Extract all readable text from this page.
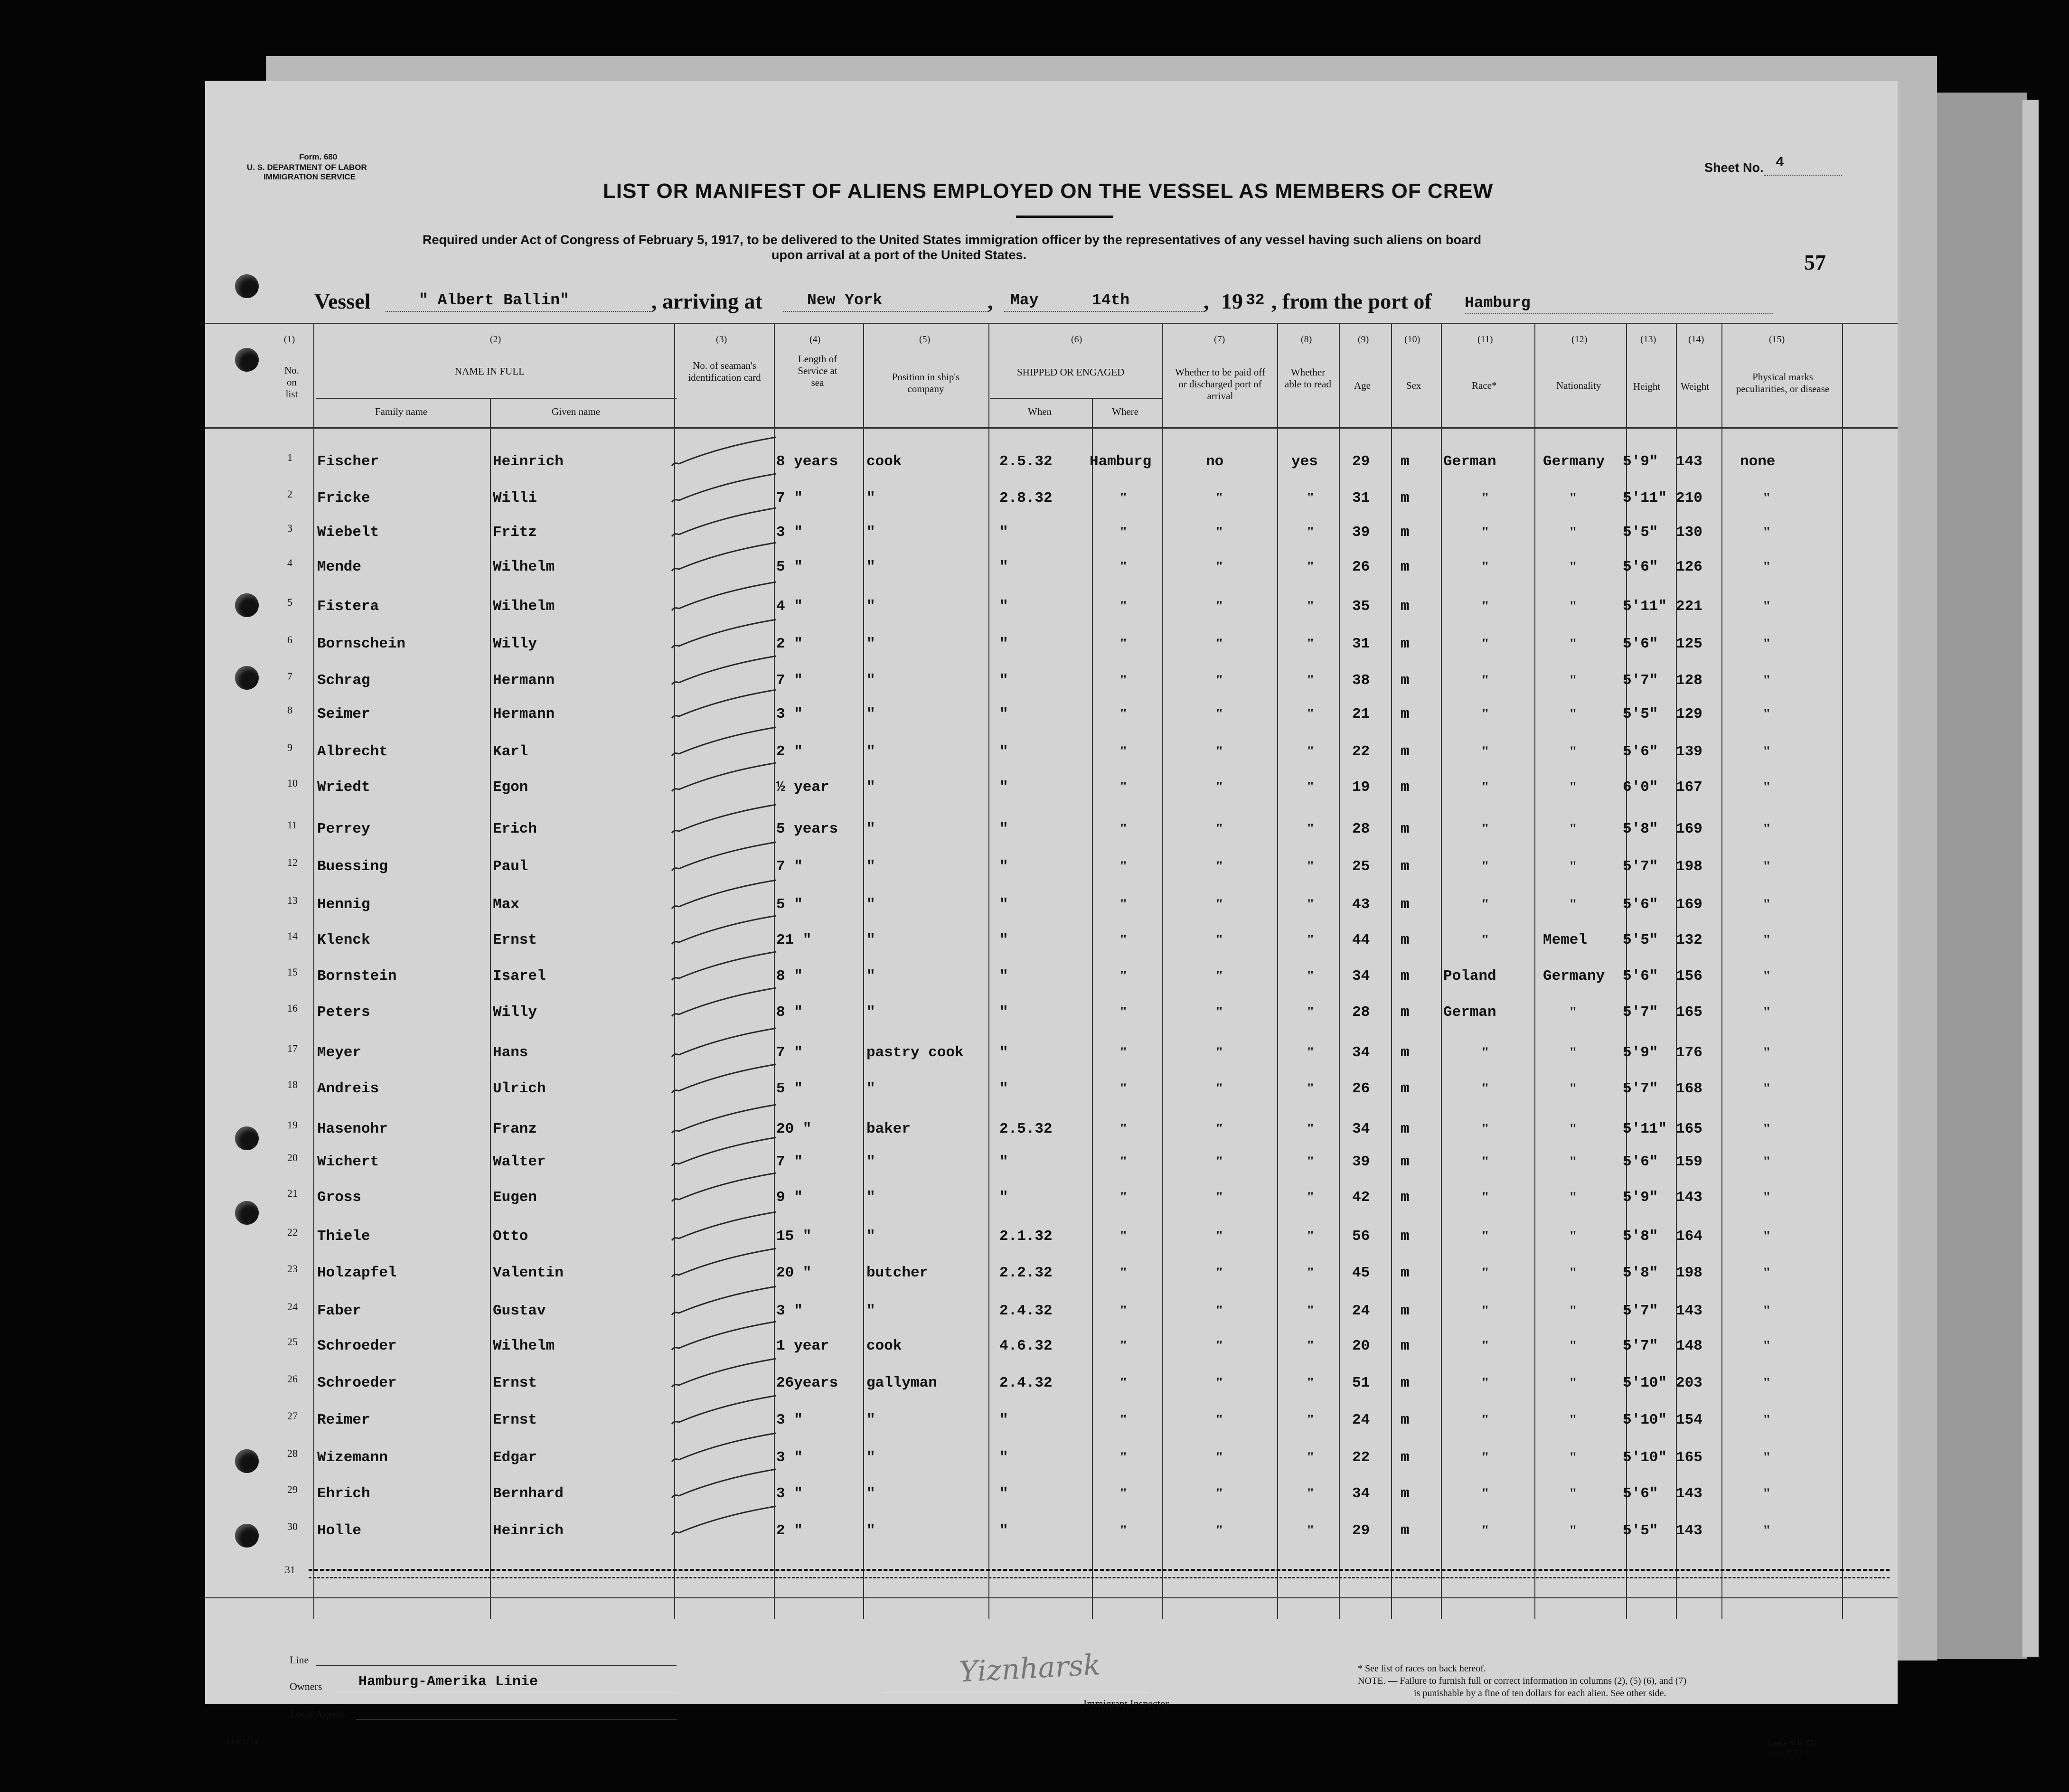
Form. 680
U. S. DEPARTMENT OF LABOR
IMMIGRATION SERVICE
Sheet No. 4
LIST OR MANIFEST OF ALIENS EMPLOYED ON THE VESSEL AS MEMBERS OF CREW
Required under Act of Congress of February 5, 1917, to be delivered to the United States immigration officer by the representatives of any vessel having such aliens on board
upon arrival at a port of the United States.	57
Vessel	" Albert Ballin"	, arriving at	New York	, May	14th	, 19 32 , from the port of Hamburg
(1)
No. on list
(2)
NAME IN FULL
Family name	Given name
(3)
No. of seaman's identification card
(4)
Length of Service at sea
(5)
Position in ship's company
(6)
SHIPPED OR ENGAGED
When	Where
(7)
Whether to be paid off or discharged port of arrival
(8)
Whether able to read
(9)
Age
(10)
Sex
(11)
Race*
(12)
Nationality
(13)
Height
(14)
Weight
(15)
Physical marks peculiarities, or disease
1 Fischer	Heinrich	8 years cook	2.5.32	Hamburg	no	yes 29 m German	Germany 5'9" 143	none
2 Fricke	Willi	7 "	"	2.8.32	"	"	"	31 m	"	"	5'11" 210	"
3 Wiebelt	Fritz	3 "	"	"	"	"	"	39 m	"	"	5'5" 130	"
4 Mende	Wilhelm	5 "	"	"	"	"	"	26 m	"	"	5'6" 126	"
5 Fistera	Wilhelm	4 "	"	"	"	"	"	35 m	"	"	5'11" 221	"
6 Bornschein	Willy	2 "	"	"	"	"	"	31 m	"	"	5'6" 125	"
7 Schrag	Hermann	7 "	"	"	"	"	"	38 m	"	"	5'7" 128	"
8 Seimer	Hermann	3 "	"	"	"	"	"	21 m	"	"	5'5" 129	"
9 Albrecht	Karl	2 "	"	"	"	"	"	22 m	"	"	5'6" 139	"
10 Wriedt	Egon	½ year	"	"	"	"	"	19 m	"	"	6'0" 167	"
11 Perrey	Erich	5 years "	"	"	"	"	28 m	"	"	5'8" 169	"
12 Buessing	Paul	7 "	"	"	"	"	"	25 m	"	"	5'7" 198	"
13 Hennig	Max	5 "	"	"	"	"	"	43 m	"	"	5'6" 169	"
14 Klenck	Ernst	21 "	"	"	"	"	"	44 m	"	Memel 5'5" 132	"
15 Bornstein	Isarel	8 "	"	"	"	"	"	34 m Poland	Germany 5'6" 156	"
16 Peters	Willy	8 "	"	"	"	"	"	28 m German	"	5'7" 165	"
17 Meyer	Hans	7 "	pastry cook "	"	"	"	34 m	"	"	5'9" 176	"
18 Andreis	Ulrich	5 "	"	"	"	"	"	26 m	"	"	5'7" 168	"
19 Hasenohr	Franz	20 "	baker	2.5.32	"	"	"	34 m	"	"	5'11" 165	"
20 Wichert	Walter	7 "	"	"	"	"	"	39 m	"	"	5'6" 159	"
21 Gross	Eugen	9 "	"	"	"	"	"	42 m	"	"	5'9" 143	"
22 Thiele	Otto	15 "	"	2.1.32	"	"	"	56 m	"	"	5'8" 164	"
23 Holzapfel	Valentin	20 "	butcher	2.2.32	"	"	"	45 m	"	"	5'8" 198	"
24 Faber	Gustav	3 "	"	2.4.32	"	"	"	24 m	"	"	5'7" 143	"
25 Schroeder	Wilhelm	1 year	cook	4.6.32	"	"	"	20 m	"	"	5'7" 148	"
26 Schroeder	Ernst	26years gallyman	2.4.32	"	"	"	51 m	"	"	5'10" 203	"
27 Reimer	Ernst	3 "	"	"	"	"	"	24 m	"	"	5'10" 154	"
28 Wizemann	Edgar	3 "	"	"	"	"	"	22 m	"	"	5'10" 165	"
29 Ehrich	Bernhard	3 "	"	"	"	"	"	34 m	"	"	5'6" 143	"
30 Holle	Heinrich	2 "	"	"	"	"	"	29 m	"	"	5'5" 143	"
31
Line
Owners	Hamburg-Amerika Linie
Local Agents
Yiznharsk
Immigrant Inspector.
* See list of races on back hereof.
NOTE. — Failure to furnish full or correct information in columns (2), (5) (6), and (7)
is punishable by a fine of ten dollars for each alien. See other side.
neue Sch. 571
alte V. 53
18 bak 31 14
